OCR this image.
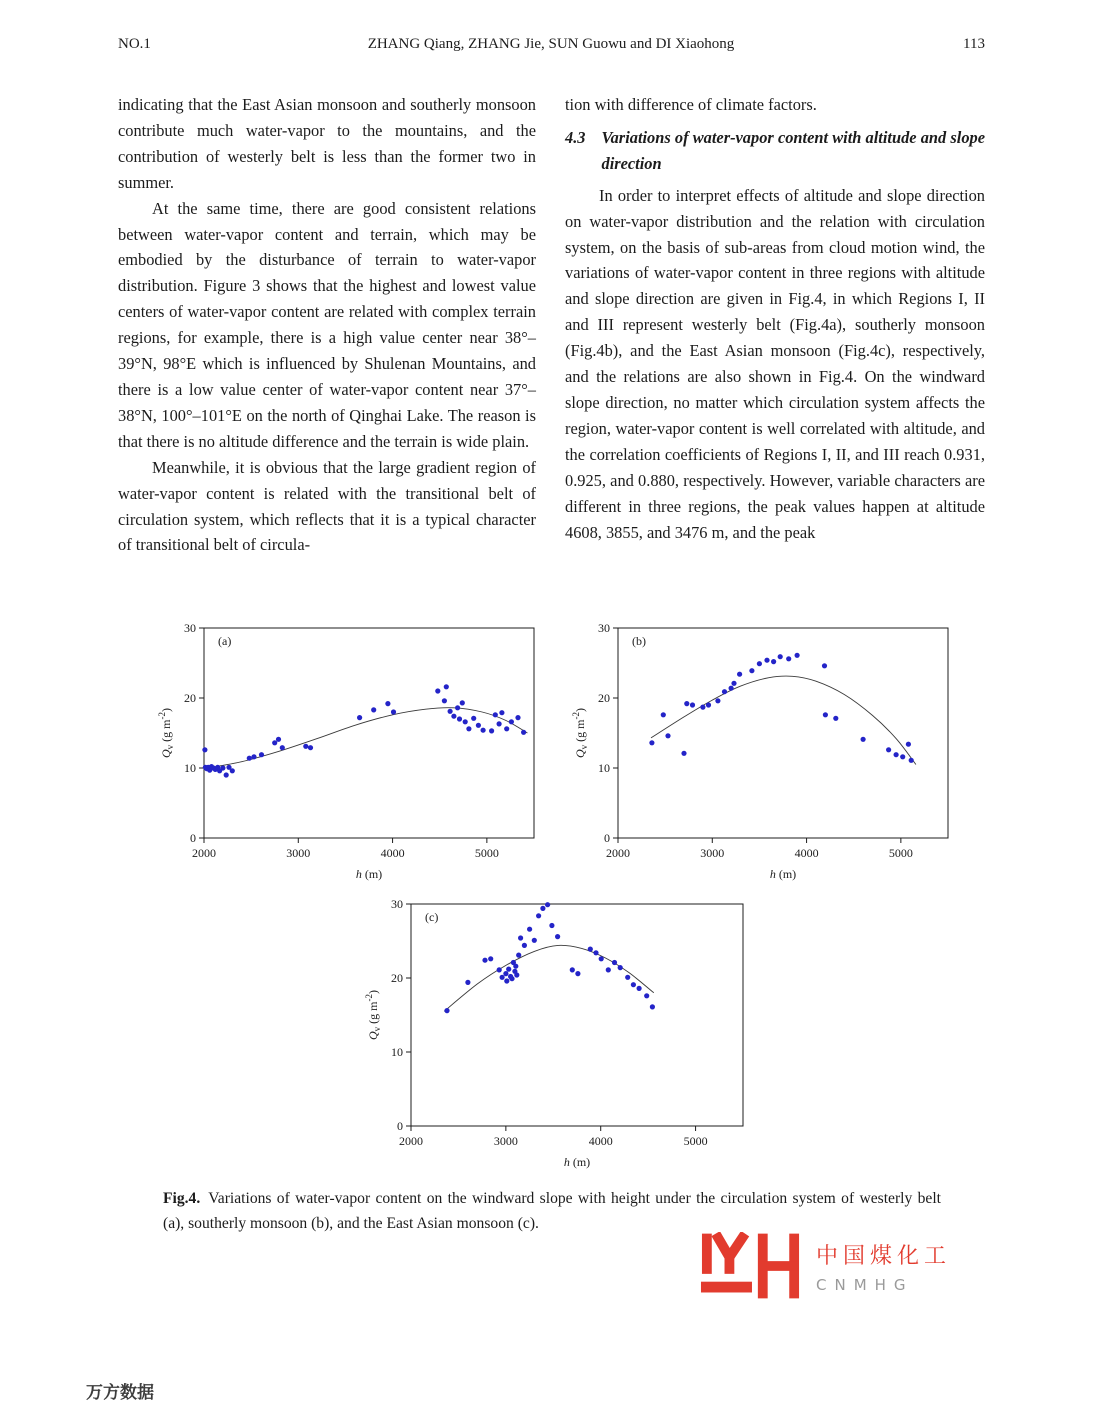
NO.1	ZHANG Qiang, ZHANG Jie, SUN Guowu and DI Xiaohong	113

indicating that the East Asian monsoon and southerly monsoon contribute much water-vapor to the mountains, and the contribution of westerly belt is less than the former two in summer.

At the same time, there are good consistent relations between water-vapor content and terrain, which may be embodied by the disturbance of terrain to water-vapor distribution. Figure 3 shows that the highest and lowest value centers of water-vapor content are related with complex terrain regions, for example, there is a high value center near 38°–39°N, 98°E which is influenced by Shulenan Mountains, and there is a low value center of water-vapor content near 37°–38°N, 100°–101°E on the north of Qinghai Lake. The reason is that there is no altitude difference and the terrain is wide plain.

Meanwhile, it is obvious that the large gradient region of water-vapor content is related with the transitional belt of circulation system, which reflects that it is a typical character of transitional belt of circula-

tion with difference of climate factors.

4.3 Variations of water-vapor content with altitude and slope direction

In order to interpret effects of altitude and slope direction on water-vapor distribution and the relation with circulation system, on the basis of sub-areas from cloud motion wind, the variations of water-vapor content in three regions with altitude and slope direction are given in Fig.4, in which Regions I, II and III represent westerly belt (Fig.4a), southerly monsoon (Fig.4b), and the East Asian monsoon (Fig.4c), respectively, and the relations are also shown in Fig.4. On the windward slope direction, no matter which circulation system affects the region, water-vapor content is well correlated with altitude, and the correlation coefficients of Regions I, II, and III reach 0.931, 0.925, and 0.880, respectively. However, variable characters are different in three regions, the peak values happen at altitude 4608, 3855, and 3476 m, and the peak

2000	3000	4000	5000
0
10
20
30
(a)
h (m)
$Q_v$ (g $m^{-2}$)
2000	3000	4000	5000
0
10
20
30
(b)
h (m)
$Q_v$ (g $m^{-2}$)
2000	3000	4000	5000
0
10
20
30
(c)
h (m)
$Q_v$ (g $m^{-2}$)
Fig.4. Variations of water-vapor content on the windward slope with height under the circulation system of westerly belt (a), southerly monsoon (b), and the East Asian monsoon (c).
中国煤化工
CNMHG
万方数据
